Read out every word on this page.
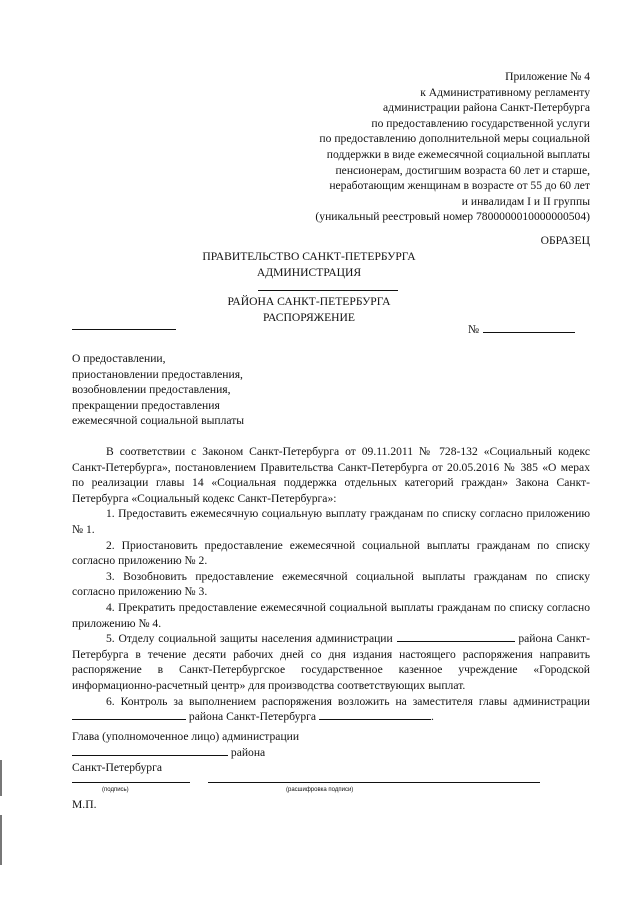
Приложение № 4
к Административному регламенту
администрации района Санкт-Петербурга
по предоставлению государственной услуги
по предоставлению дополнительной меры социальной
поддержки в виде ежемесячной социальной выплаты
пенсионерам, достигшим возраста 60 лет и старше,
неработающим женщинам в возрасте от 55 до 60 лет
и инвалидам I и II группы
(уникальный реестровый номер 7800000010000000504)
ОБРАЗЕЦ
ПРАВИТЕЛЬСТВО САНКТ-ПЕТЕРБУРГА
АДМИНИСТРАЦИЯ
РАЙОНА САНКТ-ПЕТЕРБУРГА
РАСПОРЯЖЕНИЕ
№
О предоставлении,
приостановлении предоставления,
возобновлении предоставления,
прекращении предоставления
ежемесячной социальной выплаты

В соответствии с Законом Санкт-Петербурга от 09.11.2011 № 728-132 «Социальный кодекс Санкт-Петербурга», постановлением Правительства Санкт-Петербурга от 20.05.2016 № 385 «О мерах по реализации главы 14 «Социальная поддержка отдельных категорий граждан» Закона Санкт-Петербурга «Социальный кодекс Санкт-Петербурга»:

1. Предоставить ежемесячную социальную выплату гражданам по списку согласно приложению № 1.

2. Приостановить предоставление ежемесячной социальной выплаты гражданам по списку согласно приложению № 2.

3. Возобновить предоставление ежемесячной социальной выплаты гражданам по списку согласно приложению № 3.

4. Прекратить предоставление ежемесячной социальной выплаты гражданам по списку согласно приложению № 4.

5. Отделу социальной защиты населения администрации	района Санкт-Петербурга в течение десяти рабочих дней со дня издания настоящего распоряжения направить распоряжение в Санкт-Петербургское государственное казенное учреждение «Городской информационно-расчетный центр» для производства соответствующих выплат.

6. Контроль за выполнением распоряжения возложить на заместителя главы администрации  района Санкт-Петербурга	.

Глава (уполномоченное лицо) администрации
района
Санкт-Петербурга
(подпись)	(расшифровка подписи)
М.П.
